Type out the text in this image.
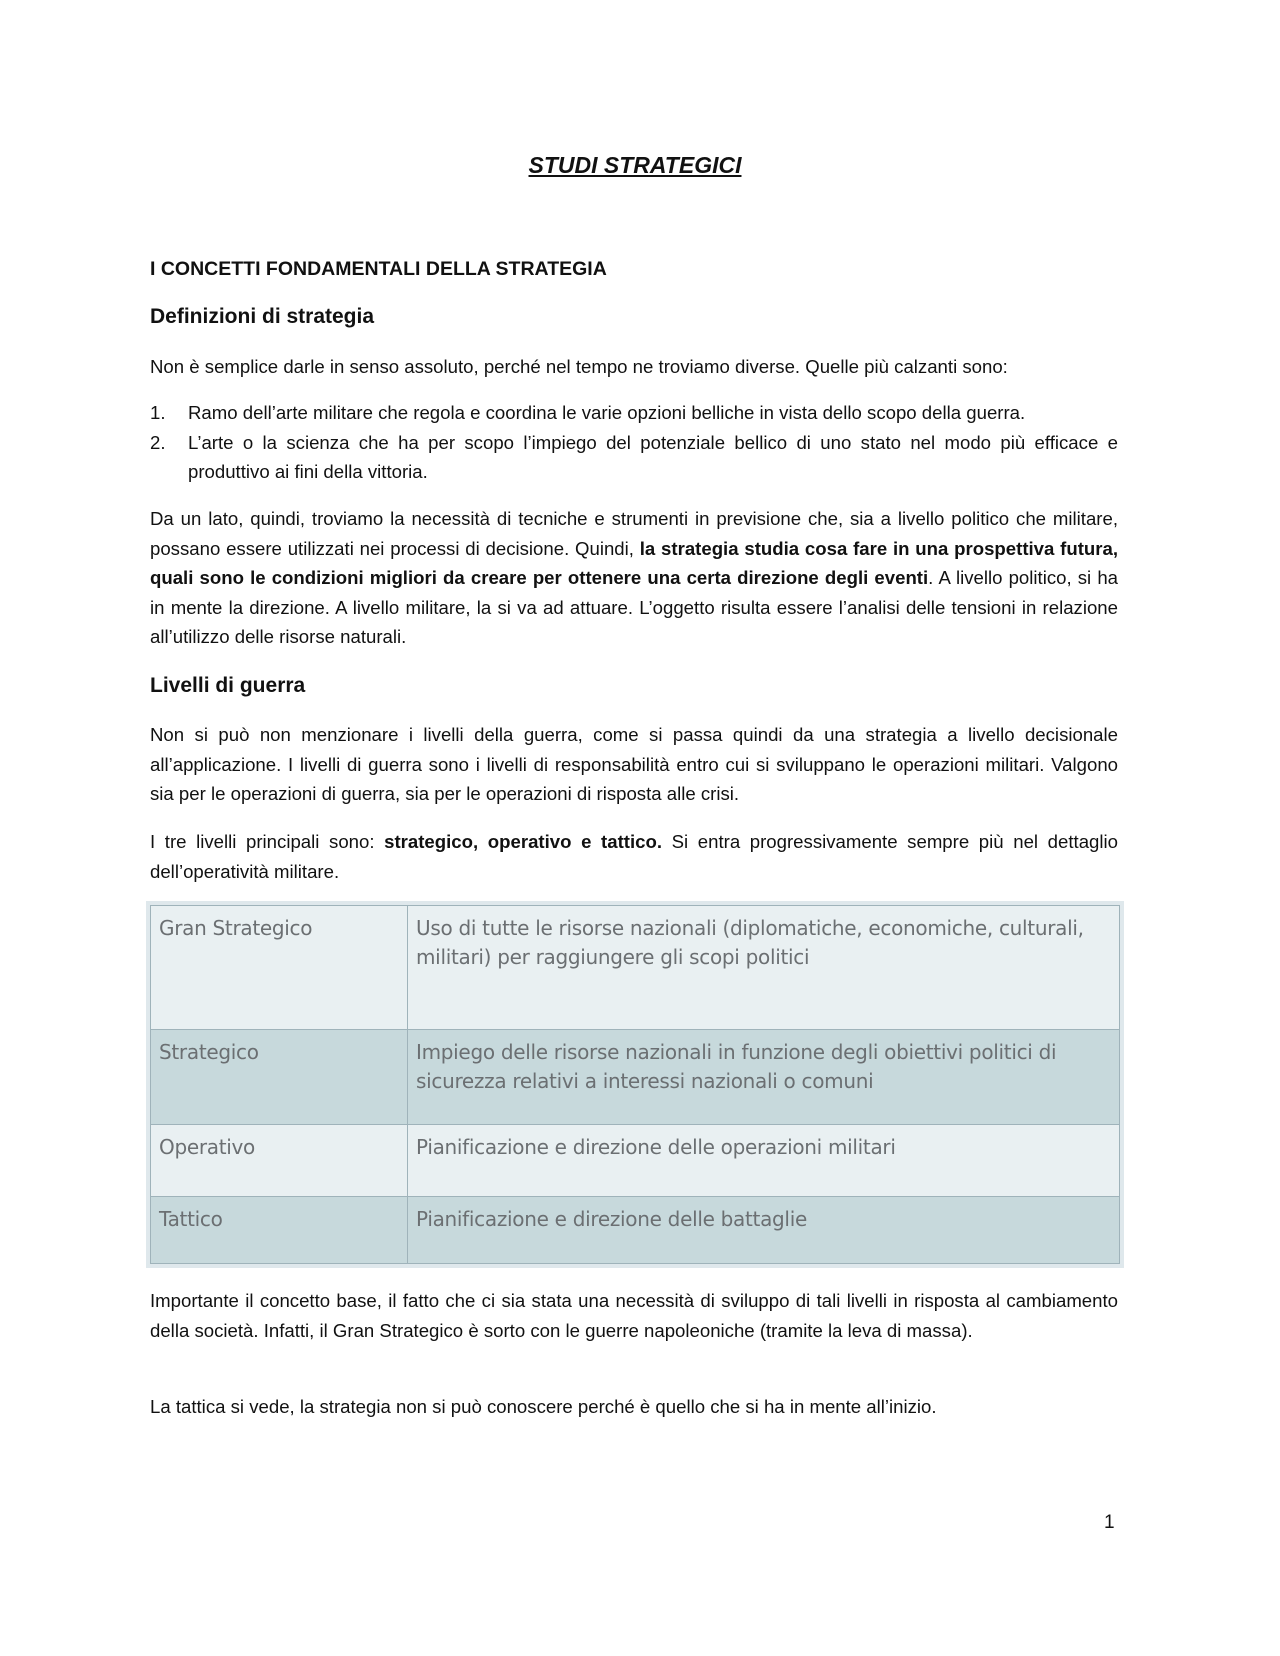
STUDI STRATEGICI
I CONCETTI FONDAMENTALI DELLA STRATEGIA
Definizioni di strategia
Non è semplice darle in senso assoluto, perché nel tempo ne troviamo diverse. Quelle più calzanti sono:
1.	Ramo dell’arte militare che regola e coordina le varie opzioni belliche in vista dello scopo della guerra.
2.	L’arte o la scienza che ha per scopo l’impiego del potenziale bellico di uno stato nel modo più efficace e produttivo ai fini della vittoria.
Da un lato, quindi, troviamo la necessità di tecniche e strumenti in previsione che, sia a livello politico che militare, possano essere utilizzati nei processi di decisione. Quindi, la strategia studia cosa fare in una prospettiva futura, quali sono le condizioni migliori da creare per ottenere una certa direzione degli eventi. A livello politico, si ha in mente la direzione. A livello militare, la si va ad attuare. L’oggetto risulta essere l’analisi delle tensioni in relazione all’utilizzo delle risorse naturali.
Livelli di guerra
Non si può non menzionare i livelli della guerra, come si passa quindi da una strategia a livello decisionale all’applicazione. I livelli di guerra sono i livelli di responsabilità entro cui si sviluppano le operazioni militari. Valgono sia per le operazioni di guerra, sia per le operazioni di risposta alle crisi.
I tre livelli principali sono: strategico, operativo e tattico. Si entra progressivamente sempre più nel dettaglio dell’operatività militare.
Gran Strategico	Uso di tutte le risorse nazionali (diplomatiche, economiche, culturali, militari) per raggiungere gli scopi politici
Strategico	Impiego delle risorse nazionali in funzione degli obiettivi politici di sicurezza relativi a interessi nazionali o comuni
Operativo	Pianificazione e direzione delle operazioni militari
Tattico	Pianificazione e direzione delle battaglie
Importante il concetto base, il fatto che ci sia stata una necessità di sviluppo di tali livelli in risposta al cambiamento della società. Infatti, il Gran Strategico è sorto con le guerre napoleoniche (tramite la leva di massa).
La tattica si vede, la strategia non si può conoscere perché è quello che si ha in mente all’inizio.
1
